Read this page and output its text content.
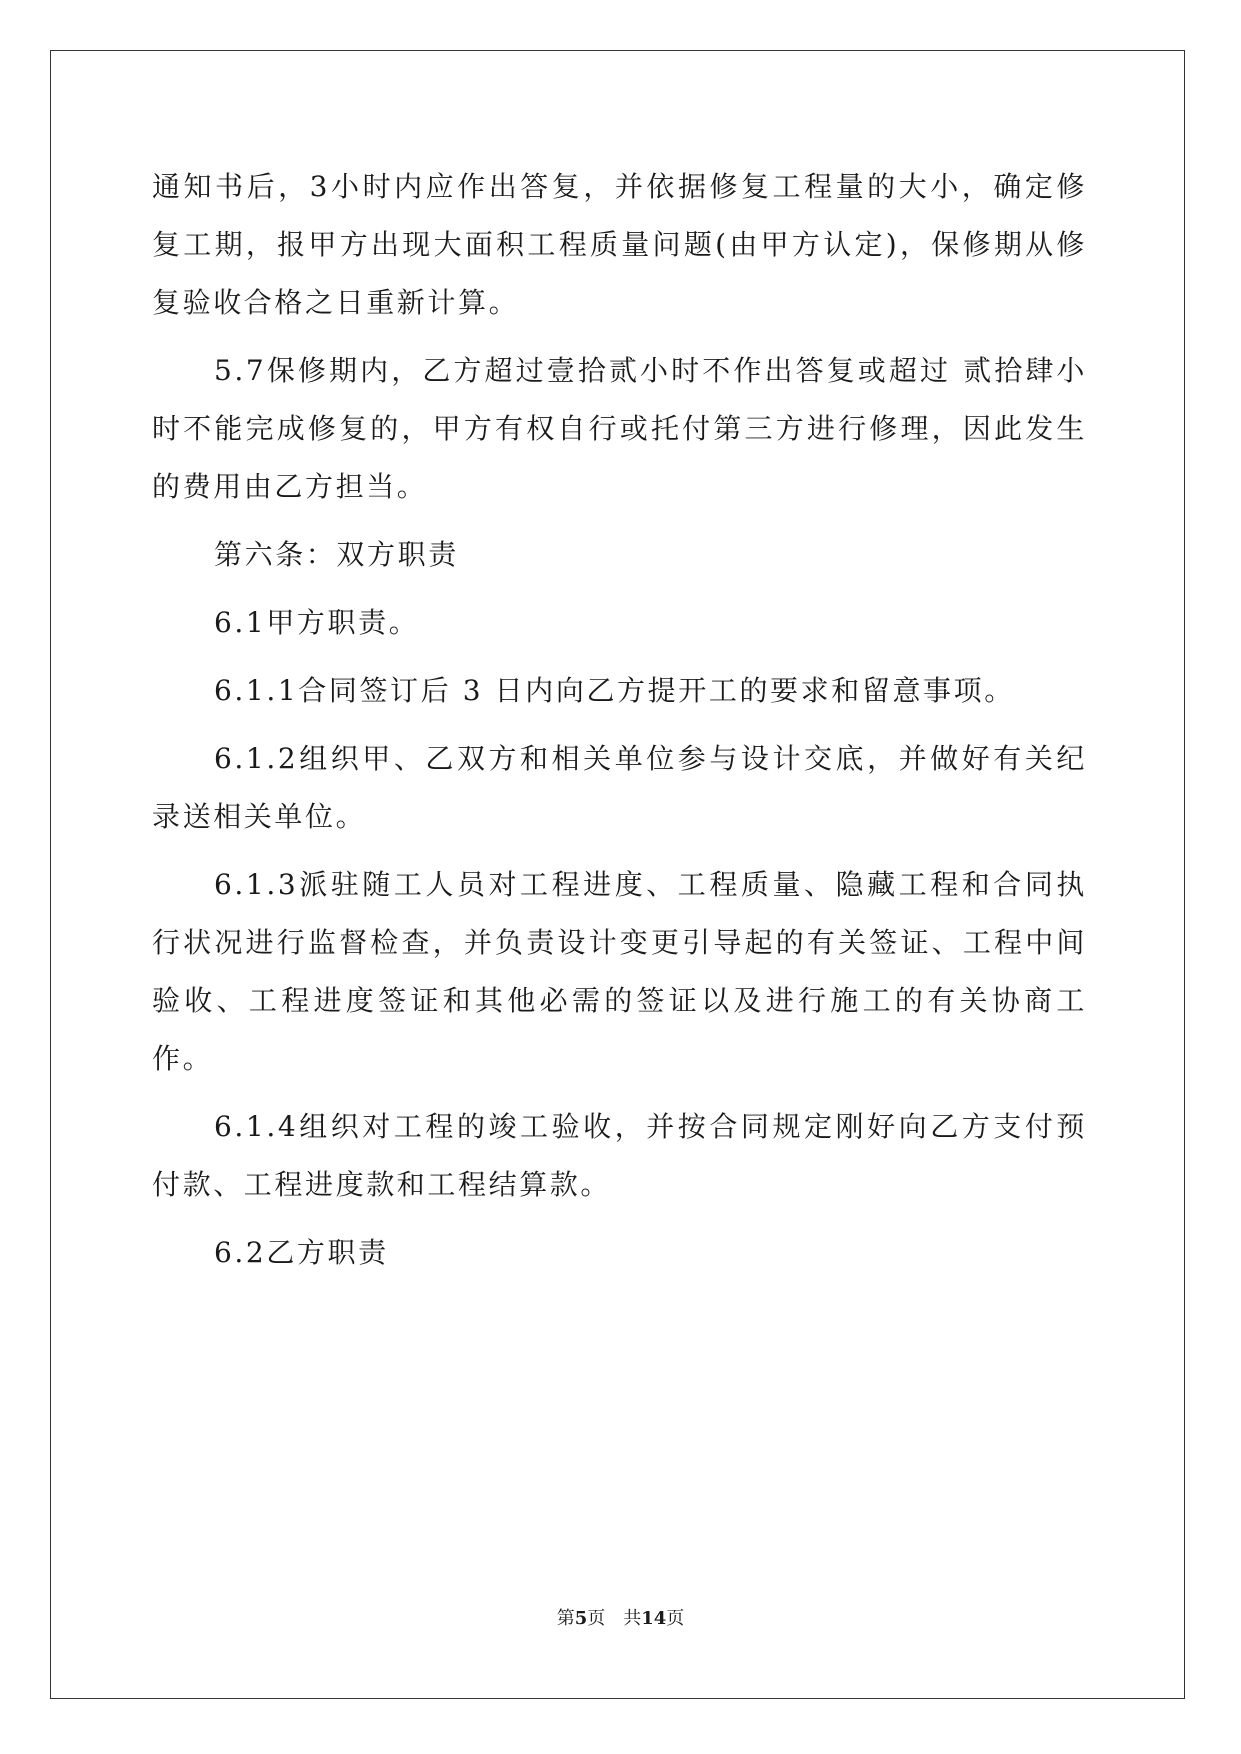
通知书后，3小时内应作出答复，并依据修复工程量的大小，确定修复工期，报甲方出现大面积工程质量问题(由甲方认定)，保修期从修复验收合格之日重新计算。

5.7保修期内，乙方超过壹拾贰小时不作出答复或超过 贰拾肆小时不能完成修复的，甲方有权自行或托付第三方进行修理，因此发生的费用由乙方担当。

第六条：双方职责

6.1甲方职责。

6.1.1合同签订后 3 日内向乙方提开工的要求和留意事项。

6.1.2组织甲、乙双方和相关单位参与设计交底，并做好有关纪录送相关单位。

6.1.3派驻随工人员对工程进度、工程质量、隐藏工程和合同执行状况进行监督检查，并负责设计变更引导起的有关签证、工程中间验收、工程进度签证和其他必需的签证以及进行施工的有关协商工作。

6.1.4组织对工程的竣工验收，并按合同规定刚好向乙方支付预付款、工程进度款和工程结算款。

6.2乙方职责

第5页 共14页
